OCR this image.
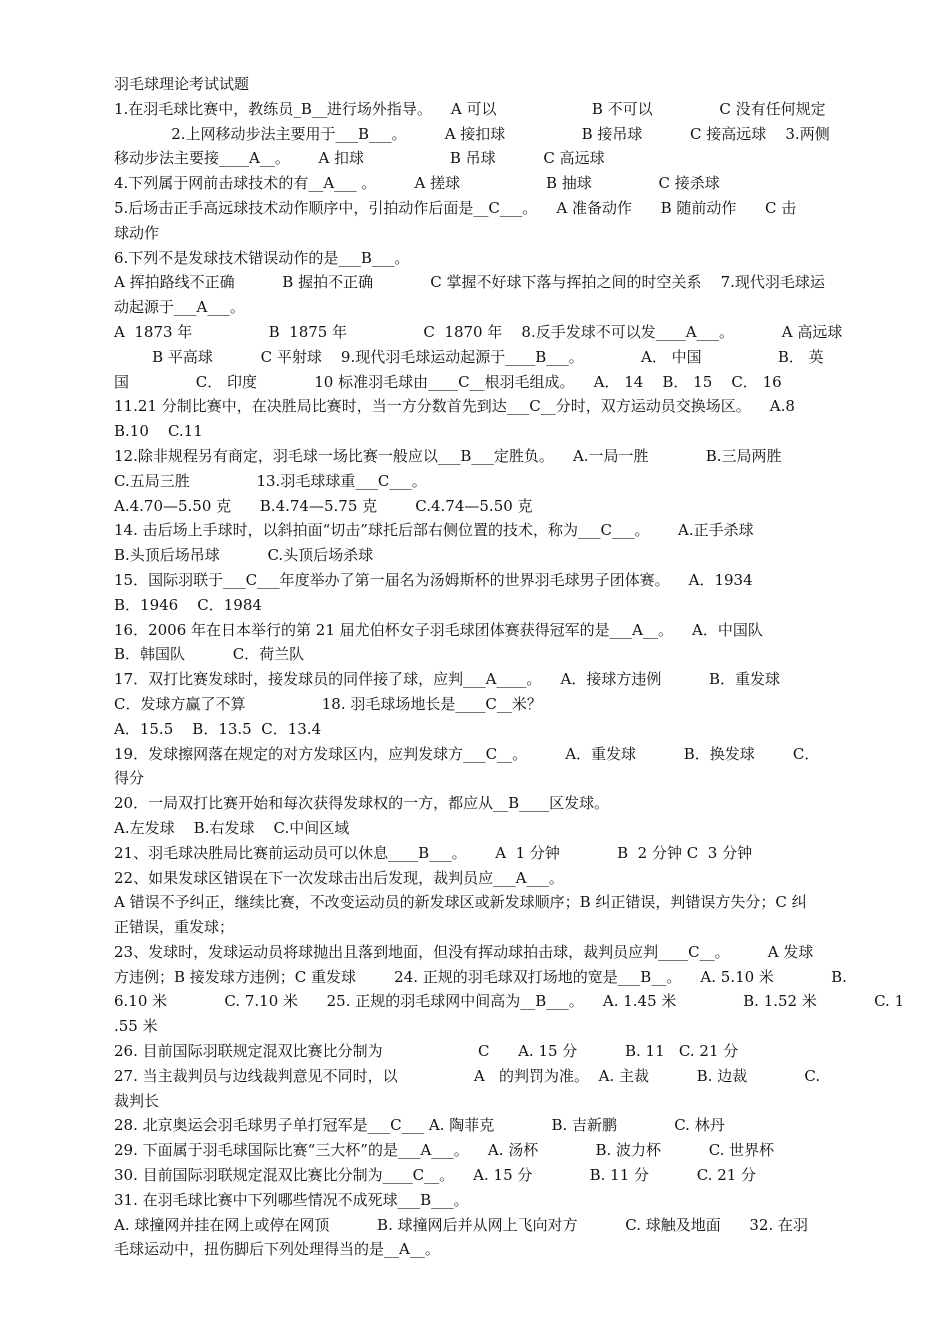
羽毛球理论考试试题
1.在羽毛球比赛中，教练员_B__进行场外指导。    A 可以                    B 不可以              C 没有任何规定
2.上网移动步法主要用于___B___。        A 接扣球                B 接吊球          C 接高远球    3.两侧
移动步法主要接____A__。      A 扣球                  B 吊球          C 高远球
4.下列属于网前击球技术的有__A___ 。        A 搓球                  B 抽球              C 接杀球
5.后场击正手高远球技术动作顺序中，引拍动作后面是__C___。    A 准备动作      B 随前动作      C 击
球动作
6.下列不是发球技术错误动作的是___B___。
A 挥拍路线不正确          B 握拍不正确            C 掌握不好球下落与挥拍之间的时空关系    7.现代羽毛球运
动起源于___A___。
A  1873 年                B  1875 年                C  1870 年    8.反手发球不可以发____A___。          A 高远球
B 平高球          C 平射球    9.现代羽毛球运动起源于____B___。            A． 中国                B． 英
国              C． 印度            10 标准羽毛球由____C__根羽毛组成。    A． 14    B． 15    C． 16
11.21 分制比赛中，在决胜局比赛时，当一方分数首先到达___C__分时，双方运动员交换场区。    A.8
B.10    C.11
12.除非规程另有商定，羽毛球一场比赛一般应以___B___定胜负。    A.一局一胜            B.三局两胜
C.五局三胜              13.羽毛球球重___C___。
A.4.70—5.50 克      B.4.74—5.75 克        C.4.74—5.50 克
14. 击后场上手球时，以斜拍面“切击”球托后部右侧位置的技术，称为___C___。      A.正手杀球
B.头顶后场吊球          C.头顶后场杀球
15．国际羽联于___C___年度举办了第一届名为汤姆斯杯的世界羽毛球男子团体赛。    A．1934
B．1946    C．1984
16．2006 年在日本举行的第 21 届尤伯杯女子羽毛球团体赛获得冠军的是___A__。    A．中国队
B．韩国队          C．荷兰队
17．双打比赛发球时，接发球员的同伴接了球，应判___A____。    A．接球方违例          B．重发球
C．发球方赢了不算                18. 羽毛球场地长是____C__米？
A．15.5    B．13.5  C．13.4
19．发球擦网落在规定的对方发球区内，应判发球方___C__。        A．重发球          B．换发球        C．
得分
20．一局双打比赛开始和每次获得发球权的一方，都应从__B____区发球。
A.左发球    B.右发球    C.中间区域
21、羽毛球决胜局比赛前运动员可以休息____B___。      A  1 分钟            B  2 分钟 C  3 分钟
22、如果发球区错误在下一次发球击出后发现，裁判员应___A___。
A 错误不予纠正，继续比赛，不改变运动员的新发球区或新发球顺序；B 纠正错误，判错误方失分；C 纠
正错误，重发球；
23、发球时，发球运动员将球抛出且落到地面，但没有挥动球拍击球，裁判员应判____C__。        A 发球
方违例；B 接发球方违例；C 重发球        24. 正规的羽毛球双打场地的宽是___B__。    A. 5.10 米            B.
6.10 米            C. 7.10 米      25. 正规的羽毛球网中间高为__B___。    A. 1.45 米              B. 1.52 米            C. 1
.55 米
26. 目前国际羽联规定混双比赛比分制为                    C      A. 15 分          B. 11   C. 21 分
27. 当主裁判员与边线裁判意见不同时，以                A   的判罚为准。  A. 主裁          B. 边裁            C.
裁判长
28. 北京奥运会羽毛球男子单打冠军是___C___ A. 陶菲克            B. 吉新鹏            C. 林丹
29. 下面属于羽毛球国际比赛“三大杯”的是___A___。    A. 汤杯            B. 波力杯          C. 世界杯
30. 目前国际羽联规定混双比赛比分制为____C__。    A. 15 分            B. 11 分          C. 21 分
31. 在羽毛球比赛中下列哪些情况不成死球___B___。
A. 球撞网并挂在网上或停在网顶          B. 球撞网后并从网上飞向对方          C. 球触及地面      32. 在羽
毛球运动中，扭伤脚后下列处理得当的是__A__。
